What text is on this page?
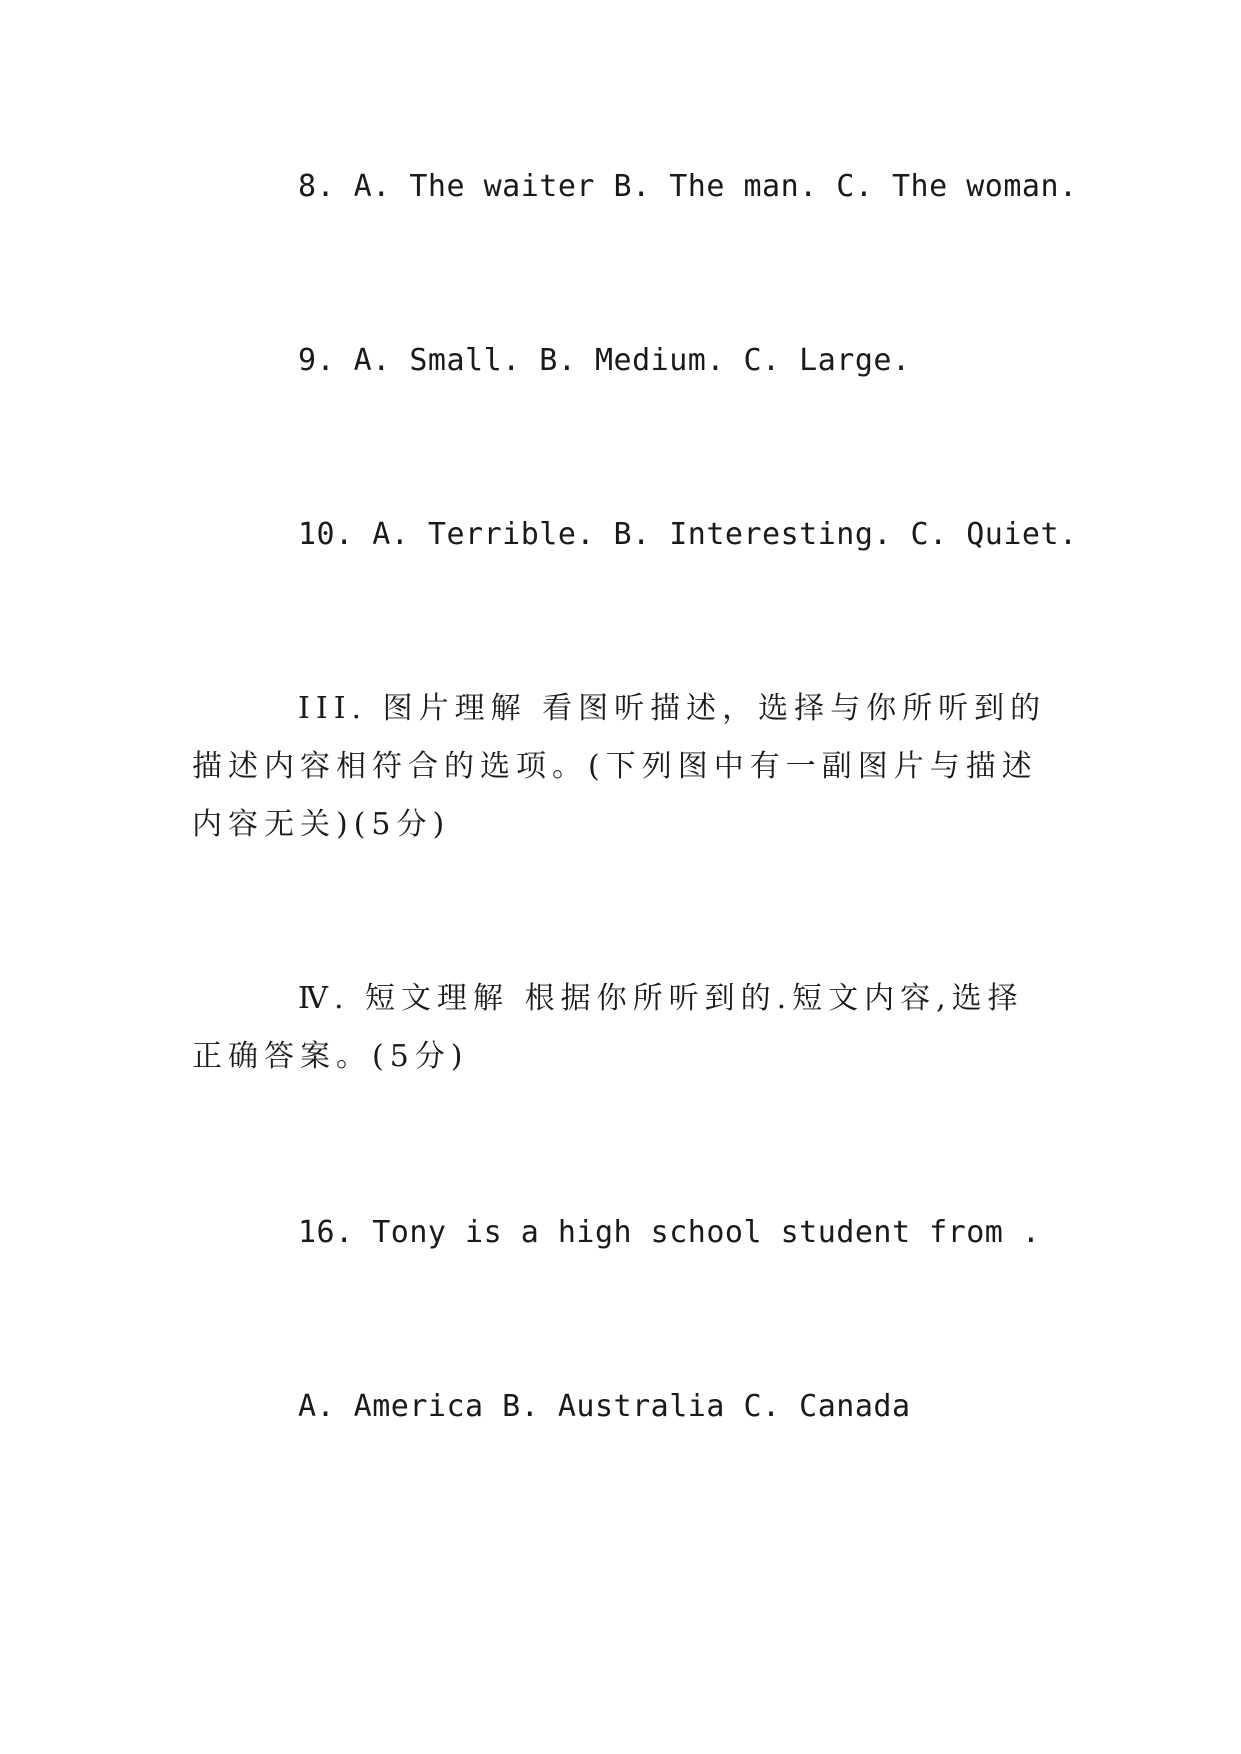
8. A. The waiter B. The man. C. The woman.
9. A. Small. B. Medium. C. Large.
10. A. Terrible. B. Interesting. C. Quiet.
III. 图片理解 看图听描述，选择与你所听到的描述内容相符合的选项。(下列图中有一副图片与描述内容无关)(5分)
Ⅳ. 短文理解 根据你所听到的.短文内容,选择正确答案。(5分)
16. Tony is a high school student from .
A. America B. Australia C. Canada
